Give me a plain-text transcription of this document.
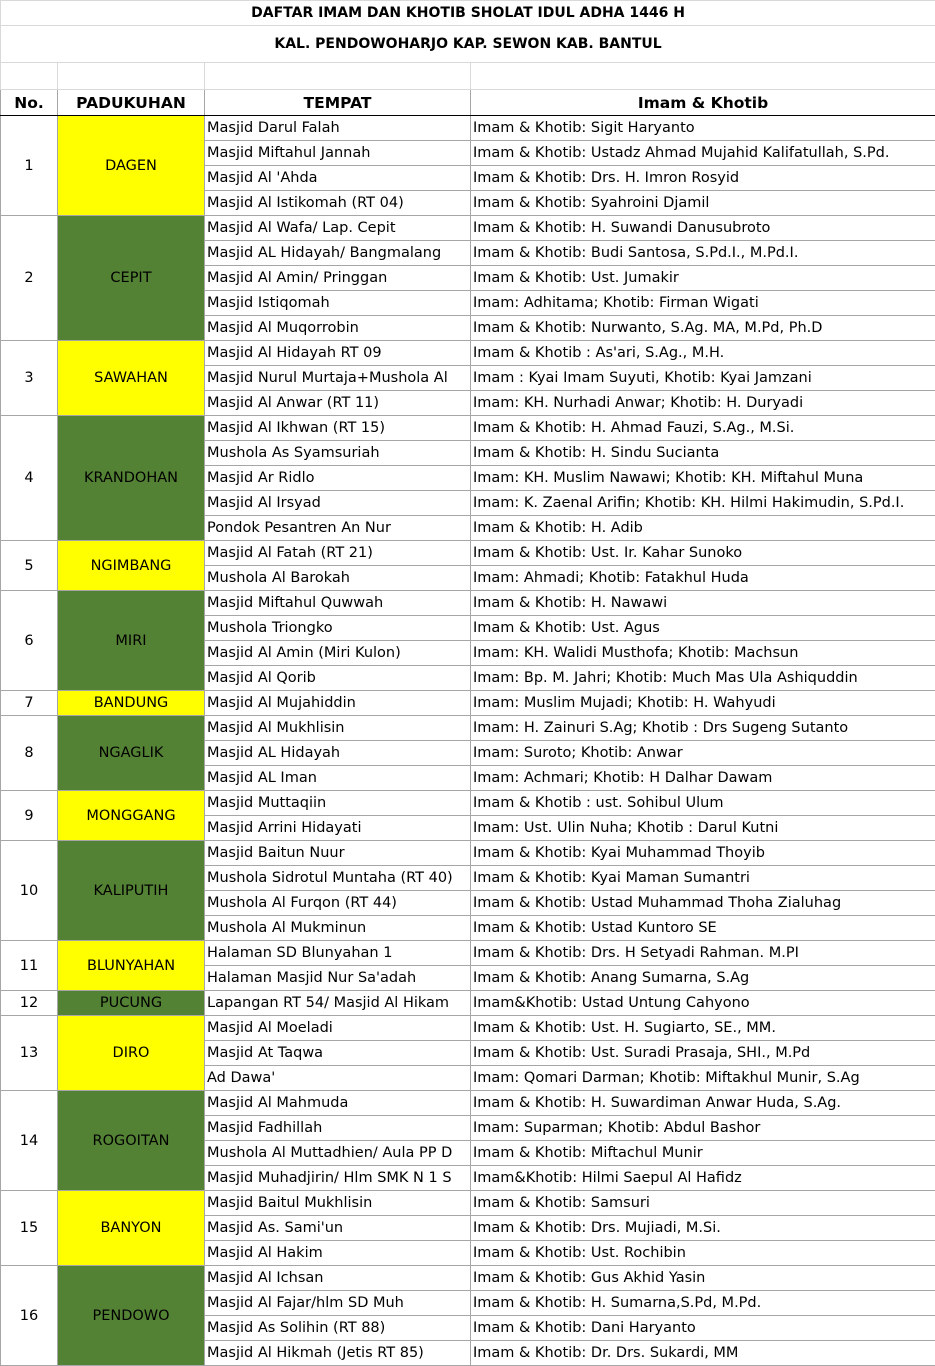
DAFTAR IMAM DAN KHOTIB SHOLAT IDUL ADHA 1446 H			
KAL. PENDOWOHARJO KAP. SEWON KAB. BANTUL			

No.	PADUKUHAN	TEMPAT	Imam & Khotib
1	DAGEN	Masjid Darul Falah	Imam & Khotib: Sigit Haryanto
		Masjid Miftahul Jannah	Imam & Khotib: Ustadz Ahmad Mujahid Kalifatullah, S.Pd.
		Masjid Al 'Ahda	Imam & Khotib: Drs. H. Imron Rosyid
		Masjid Al Istikomah (RT 04)	Imam & Khotib: Syahroini Djamil
2	CEPIT	Masjid Al Wafa/ Lap. Cepit	Imam & Khotib: H. Suwandi Danusubroto
		Masjid AL Hidayah/ Bangmalang	Imam & Khotib: Budi Santosa, S.Pd.I., M.Pd.I.
		Masjid Al Amin/ Pringgan	Imam & Khotib: Ust. Jumakir
		Masjid Istiqomah	Imam: Adhitama; Khotib: Firman Wigati
		Masjid Al Muqorrobin	Imam & Khotib: Nurwanto, S.Ag. MA, M.Pd, Ph.D
3	SAWAHAN	Masjid Al Hidayah RT 09	Imam & Khotib : As'ari, S.Ag., M.H.
		Masjid Nurul Murtaja+Mushola Al	Imam : Kyai Imam Suyuti, Khotib: Kyai Jamzani
		Masjid Al Anwar (RT 11)	Imam: KH. Nurhadi Anwar; Khotib: H. Duryadi
4	KRANDOHAN	Masjid Al Ikhwan (RT 15)	Imam & Khotib: H. Ahmad Fauzi, S.Ag., M.Si.
		Mushola As Syamsuriah	Imam & Khotib: H. Sindu Sucianta
		Masjid Ar Ridlo	Imam: KH. Muslim Nawawi; Khotib: KH. Miftahul Muna
		Masjid Al Irsyad	Imam: K. Zaenal Arifin; Khotib: KH. Hilmi Hakimudin, S.Pd.I.
		Pondok Pesantren An Nur	Imam & Khotib: H. Adib
5	NGIMBANG	Masjid Al Fatah (RT 21)	Imam & Khotib: Ust. Ir. Kahar Sunoko
		Mushola Al Barokah	Imam: Ahmadi; Khotib: Fatakhul Huda
6	MIRI	Masjid Miftahul Quwwah	Imam & Khotib: H. Nawawi
		Mushola Triongko	Imam & Khotib: Ust. Agus
		Masjid Al Amin (Miri Kulon)	Imam: KH. Walidi Musthofa; Khotib: Machsun
		Masjid Al Qorib	Imam: Bp. M. Jahri; Khotib: Much Mas Ula Ashiquddin
7	BANDUNG	Masjid Al Mujahiddin	Imam: Muslim Mujadi; Khotib: H. Wahyudi
8	NGAGLIK	Masjid Al Mukhlisin	Imam: H. Zainuri S.Ag; Khotib : Drs Sugeng Sutanto
		Masjid AL Hidayah	Imam: Suroto; Khotib: Anwar
		Masjid AL Iman	Imam: Achmari; Khotib: H Dalhar Dawam
9	MONGGANG	Masjid Muttaqiin	Imam & Khotib : ust. Sohibul Ulum
		Masjid Arrini Hidayati	Imam: Ust. Ulin Nuha; Khotib : Darul Kutni
10	KALIPUTIH	Masjid Baitun Nuur	Imam & Khotib: Kyai Muhammad Thoyib
		Mushola Sidrotul Muntaha (RT 40)	Imam & Khotib: Kyai Maman Sumantri
		Mushola Al Furqon (RT 44)	Imam & Khotib: Ustad Muhammad Thoha Zialuhag
		Mushola Al Mukminun	Imam & Khotib: Ustad Kuntoro SE
11	BLUNYAHAN	Halaman SD Blunyahan 1	Imam & Khotib: Drs. H Setyadi Rahman. M.PI
		Halaman Masjid Nur Sa'adah	Imam & Khotib: Anang Sumarna, S.Ag
12	PUCUNG	Lapangan RT 54/ Masjid Al Hikam	Imam&Khotib: Ustad Untung Cahyono
13	DIRO	Masjid Al Moeladi	Imam & Khotib: Ust. H. Sugiarto, SE., MM.
		Masjid At Taqwa	Imam & Khotib: Ust. Suradi Prasaja, SHI., M.Pd
		Ad Dawa'	Imam: Qomari Darman; Khotib: Miftakhul Munir, S.Ag
14	ROGOITAN	Masjid Al Mahmuda	Imam & Khotib: H. Suwardiman Anwar Huda, S.Ag.
		Masjid Fadhillah	Imam: Suparman; Khotib: Abdul Bashor
		Mushola Al Muttadhien/ Aula PP D	Imam & Khotib: Miftachul Munir
		Masjid Muhadjirin/ Hlm SMK N 1 S	Imam&Khotib: Hilmi Saepul Al Hafidz
15	BANYON	Masjid Baitul Mukhlisin	Imam & Khotib: Samsuri
		Masjid As. Sami'un	Imam & Khotib: Drs. Mujiadi, M.Si.
		Masjid Al Hakim	Imam & Khotib: Ust. Rochibin
16	PENDOWO	Masjid Al Ichsan	Imam & Khotib: Gus Akhid Yasin
		Masjid Al Fajar/hlm SD Muh	Imam & Khotib: H. Sumarna,S.Pd, M.Pd.
		Masjid As Solihin (RT 88)	Imam & Khotib: Dani Haryanto
		Masjid Al Hikmah (Jetis RT 85)	Imam & Khotib: Dr. Drs. Sukardi, MM
